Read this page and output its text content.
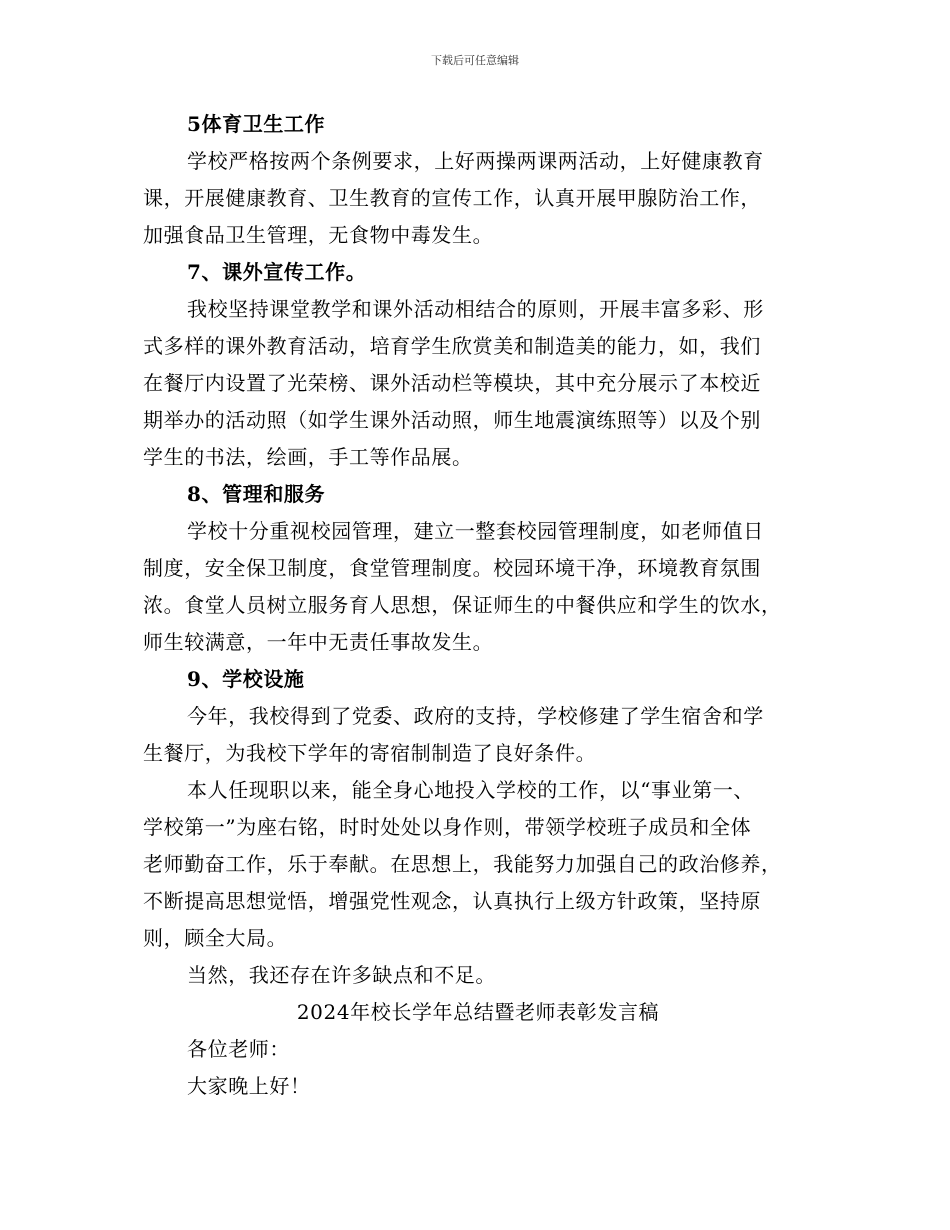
下载后可任意编辑
5体育卫生工作
学校严格按两个条例要求，上好两操两课两活动，上好健康教育
课，开展健康教育、卫生教育的宣传工作，认真开展甲腺防治工作，
加强食品卫生管理，无食物中毒发生。
7、课外宣传工作。
我校坚持课堂教学和课外活动相结合的原则，开展丰富多彩、形
式多样的课外教育活动，培育学生欣赏美和制造美的能力，如，我们
在餐厅内设置了光荣榜、课外活动栏等模块，其中充分展示了本校近
期举办的活动照（如学生课外活动照，师生地震演练照等）以及个别
学生的书法，绘画，手工等作品展。
8、管理和服务
学校十分重视校园管理，建立一整套校园管理制度，如老师值日
制度，安全保卫制度，食堂管理制度。校园环境干净，环境教育氛围
浓。食堂人员树立服务育人思想，保证师生的中餐供应和学生的饮水，
师生较满意，一年中无责任事故发生。
9、学校设施
今年，我校得到了党委、政府的支持，学校修建了学生宿舍和学
生餐厅，为我校下学年的寄宿制制造了良好条件。
本人任现职以来，能全身心地投入学校的工作，以“事业第一、
学校第一”为座右铭，时时处处以身作则，带领学校班子成员和全体
老师勤奋工作，乐于奉献。在思想上，我能努力加强自己的政治修养，
不断提高思想觉悟，增强党性观念，认真执行上级方针政策，坚持原
则，顾全大局。
当然，我还存在许多缺点和不足。
2024年校长学年总结暨老师表彰发言稿
各位老师：
大家晚上好！
